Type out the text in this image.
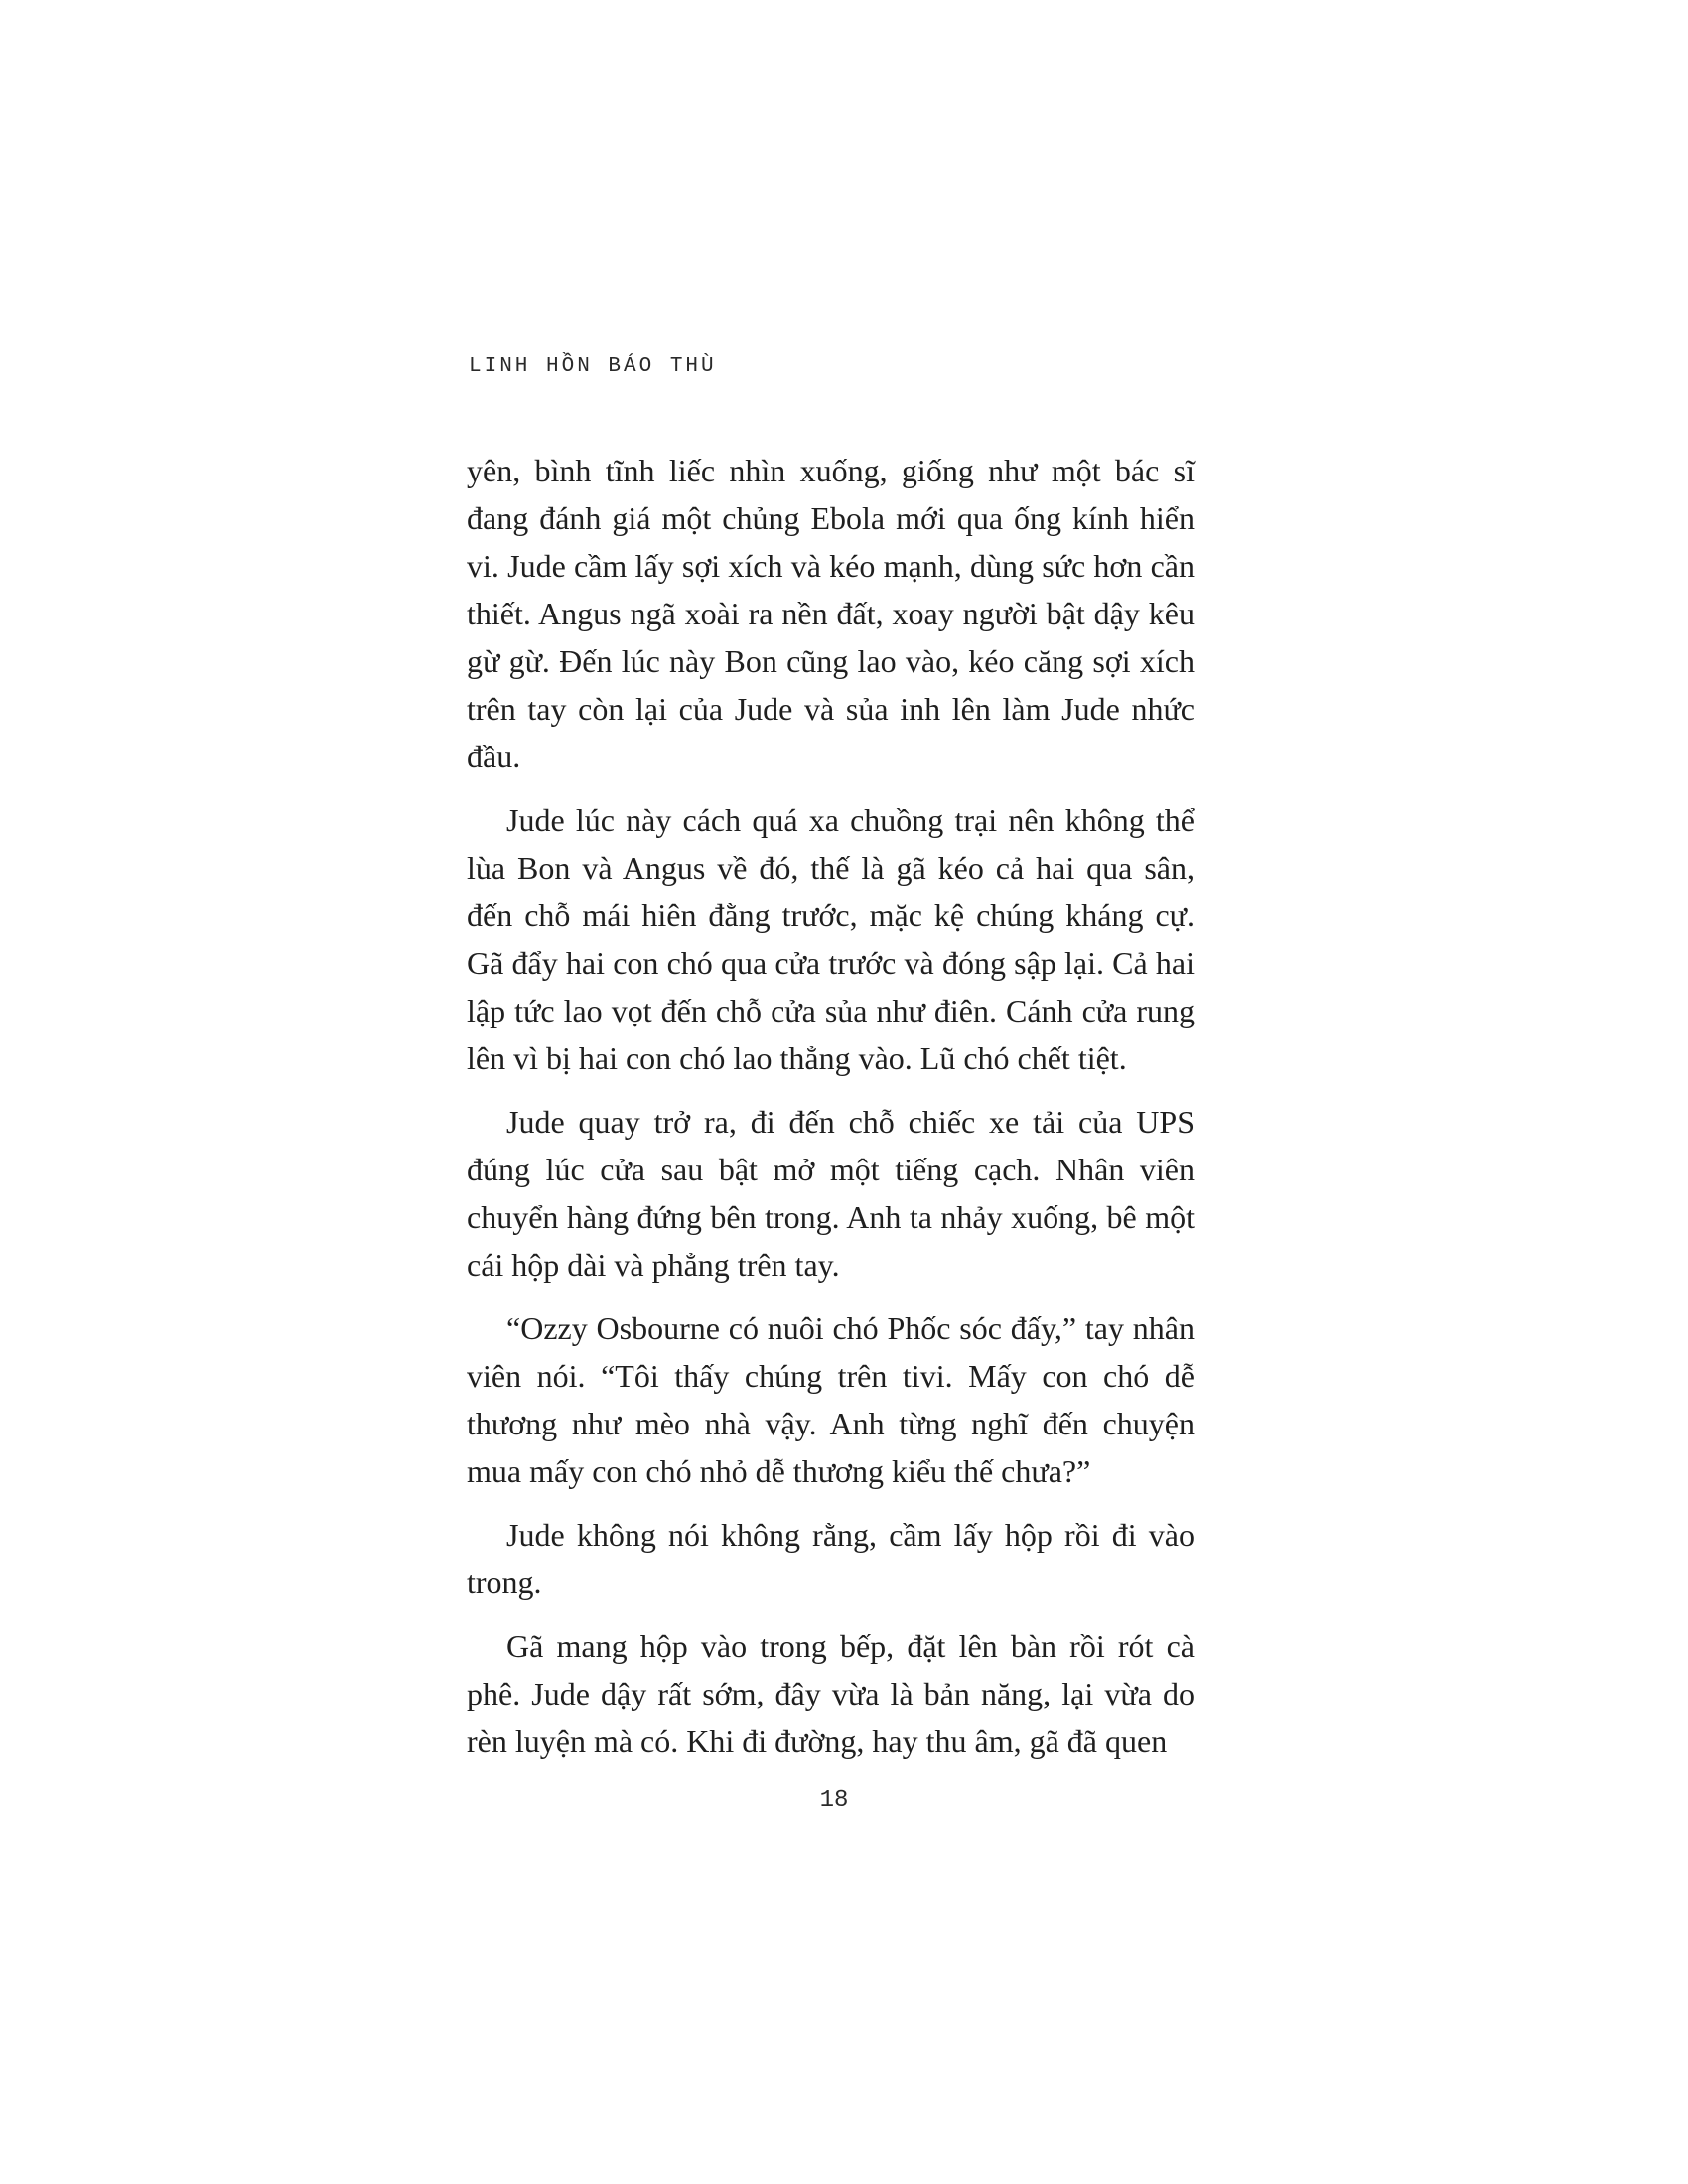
LINH HỒN BÁO THÙ

yên, bình tĩnh liếc nhìn xuống, giống như một bác sĩ đang đánh giá một chủng Ebola mới qua ống kính hiển vi. Jude cầm lấy sợi xích và kéo mạnh, dùng sức hơn cần thiết. Angus ngã xoài ra nền đất, xoay người bật dậy kêu gừ gừ. Đến lúc này Bon cũng lao vào, kéo căng sợi xích trên tay còn lại của Jude và sủa inh lên làm Jude nhức đầu.

Jude lúc này cách quá xa chuồng trại nên không thể lùa Bon và Angus về đó, thế là gã kéo cả hai qua sân, đến chỗ mái hiên đằng trước, mặc kệ chúng kháng cự. Gã đẩy hai con chó qua cửa trước và đóng sập lại. Cả hai lập tức lao vọt đến chỗ cửa sủa như điên. Cánh cửa rung lên vì bị hai con chó lao thẳng vào. Lũ chó chết tiệt.

Jude quay trở ra, đi đến chỗ chiếc xe tải của UPS đúng lúc cửa sau bật mở một tiếng cạch. Nhân viên chuyển hàng đứng bên trong. Anh ta nhảy xuống, bê một cái hộp dài và phẳng trên tay.

“Ozzy Osbourne có nuôi chó Phốc sóc đấy,” tay nhân viên nói. “Tôi thấy chúng trên tivi. Mấy con chó dễ thương như mèo nhà vậy. Anh từng nghĩ đến chuyện mua mấy con chó nhỏ dễ thương kiểu thế chưa?”

Jude không nói không rằng, cầm lấy hộp rồi đi vào trong.

Gã mang hộp vào trong bếp, đặt lên bàn rồi rót cà phê. Jude dậy rất sớm, đây vừa là bản năng, lại vừa do rèn luyện mà có. Khi đi đường, hay thu âm, gã đã quen

18
